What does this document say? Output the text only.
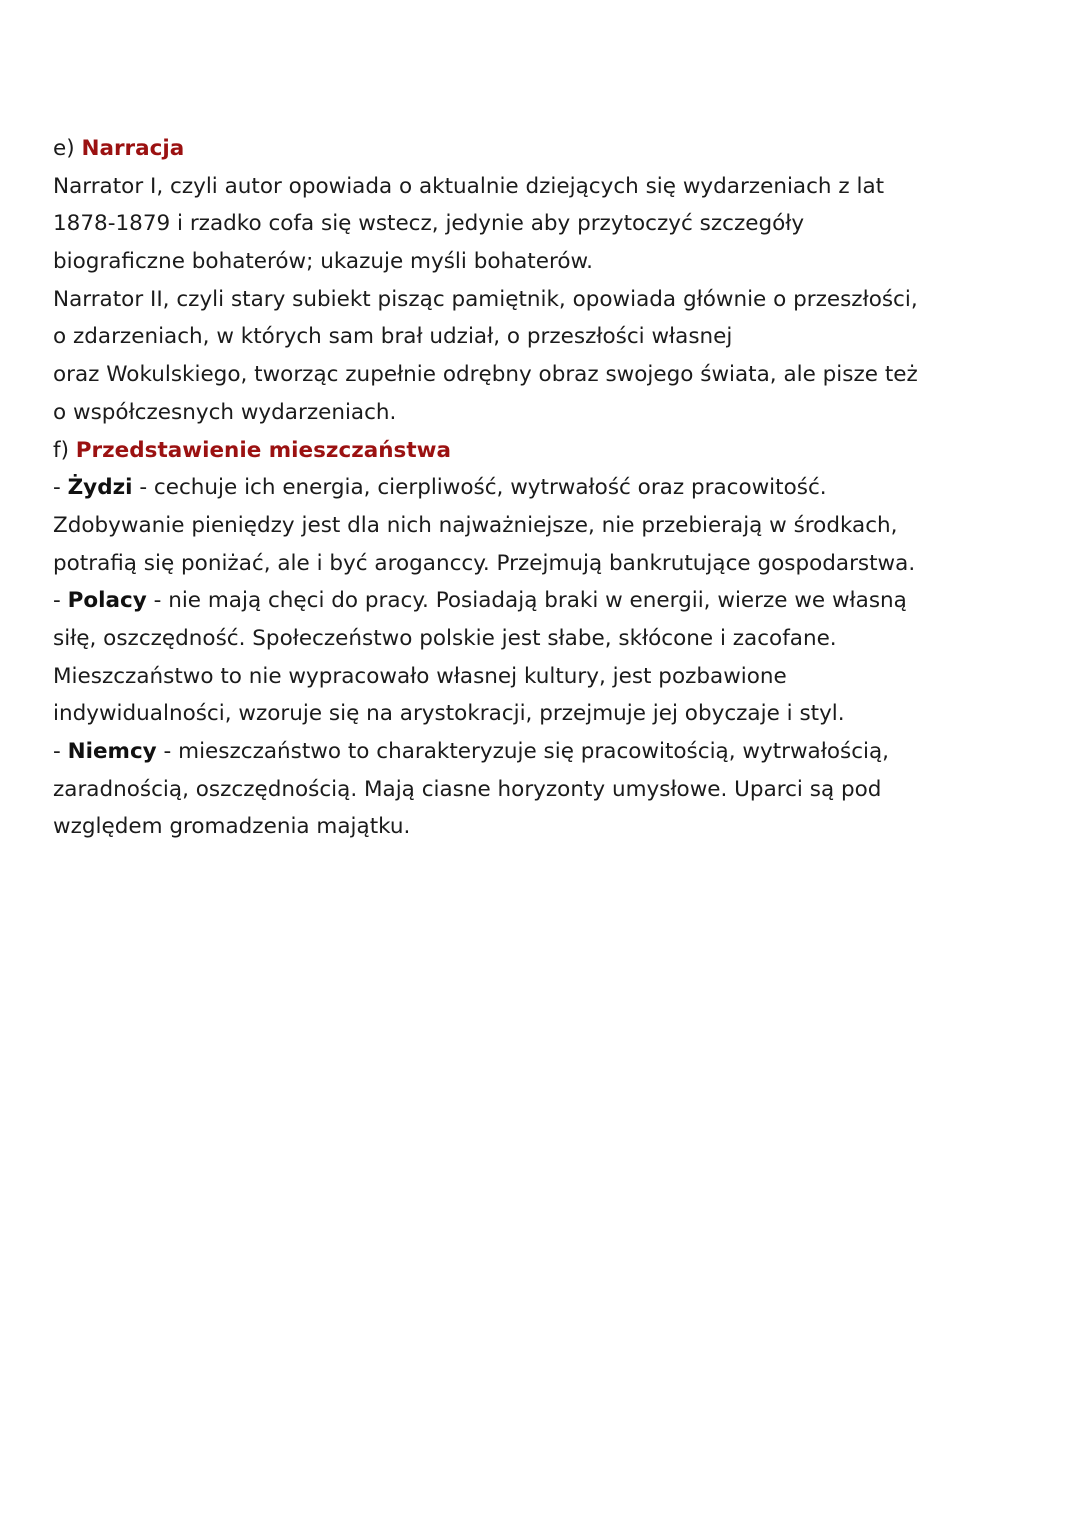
e) Narracja
Narrator I, czyli autor opowiada o aktualnie dziejących się wydarzeniach z lat
1878-1879 i rzadko cofa się wstecz, jedynie aby przytoczyć szczegóły
biograficzne bohaterów; ukazuje myśli bohaterów.
Narrator II, czyli stary subiekt pisząc pamiętnik, opowiada głównie o przeszłości,
o zdarzeniach, w których sam brał udział, o przeszłości własnej
oraz Wokulskiego, tworząc zupełnie odrębny obraz swojego świata, ale pisze też
o współczesnych wydarzeniach.
f) Przedstawienie mieszczaństwa
- Żydzi - cechuje ich energia, cierpliwość, wytrwałość oraz pracowitość.
Zdobywanie pieniędzy jest dla nich najważniejsze, nie przebierają w środkach,
potrafią się poniżać, ale i być aroganccy. Przejmują bankrutujące gospodarstwa.
- Polacy - nie mają chęci do pracy. Posiadają braki w energii, wierze we własną
siłę, oszczędność. Społeczeństwo polskie jest słabe, skłócone i zacofane.
Mieszczaństwo to nie wypracowało własnej kultury, jest pozbawione
indywidualności, wzoruje się na arystokracji, przejmuje jej obyczaje i styl.
- Niemcy - mieszczaństwo to charakteryzuje się pracowitością, wytrwałością,
zaradnością, oszczędnością. Mają ciasne horyzonty umysłowe. Uparci są pod
względem gromadzenia majątku.
